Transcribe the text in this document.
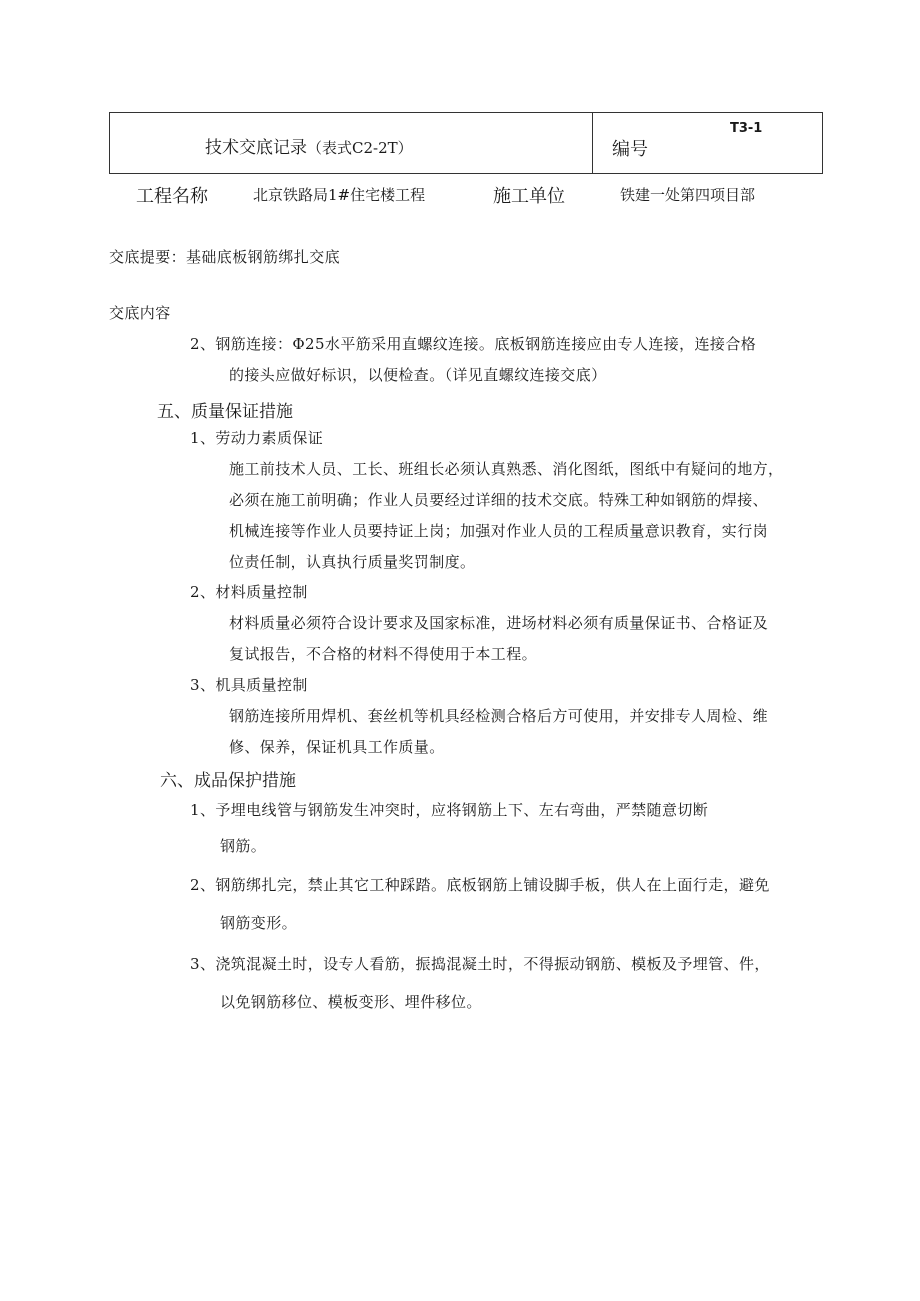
技术交底记录（表式C2-2T）	编号
T3-1
工程名称	北京铁路局1#住宅楼工程	施工单位	铁建一处第四项目部
交底提要：基础底板钢筋绑扎交底
交底内容
2、钢筋连接：Φ25水平筋采用直螺纹连接。底板钢筋连接应由专人连接，连接合格
的接头应做好标识，以便检查。（详见直螺纹连接交底）
五、质量保证措施
1、劳动力素质保证
施工前技术人员、工长、班组长必须认真熟悉、消化图纸，图纸中有疑问的地方，
必须在施工前明确；作业人员要经过详细的技术交底。特殊工种如钢筋的焊接、
机械连接等作业人员要持证上岗；加强对作业人员的工程质量意识教育，实行岗
位责任制，认真执行质量奖罚制度。
2、材料质量控制
材料质量必须符合设计要求及国家标准，进场材料必须有质量保证书、合格证及
复试报告，不合格的材料不得使用于本工程。
3、机具质量控制
钢筋连接所用焊机、套丝机等机具经检测合格后方可使用，并安排专人周检、维
修、保养，保证机具工作质量。
六、成品保护措施
1、予埋电线管与钢筋发生冲突时，应将钢筋上下、左右弯曲，严禁随意切断
钢筋。
2、钢筋绑扎完，禁止其它工种踩踏。底板钢筋上铺设脚手板，供人在上面行走，避免
钢筋变形。
3、浇筑混凝土时，设专人看筋，振捣混凝土时，不得振动钢筋、模板及予埋管、件，
以免钢筋移位、模板变形、埋件移位。
